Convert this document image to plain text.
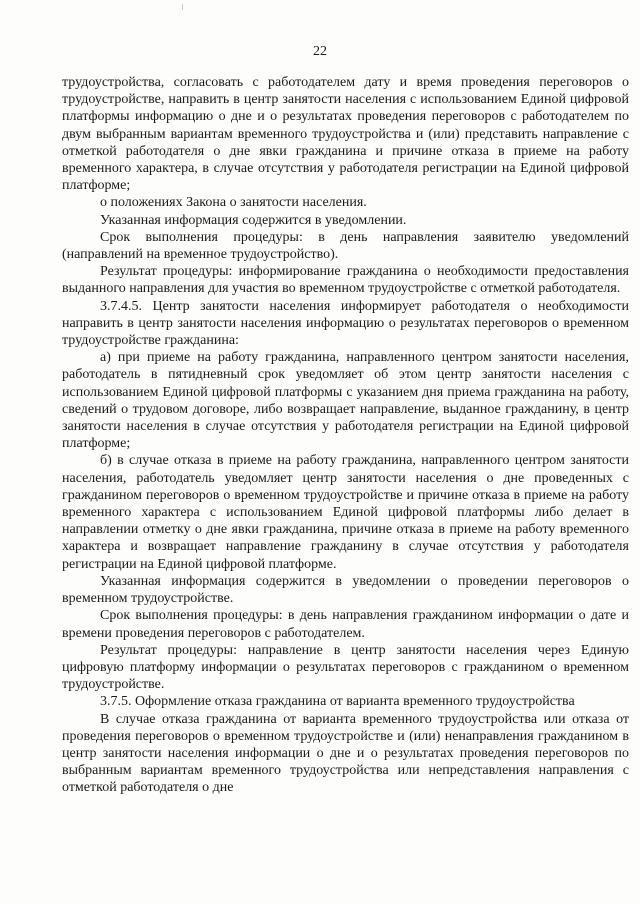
22

трудоустройства, согласовать с работодателем дату и время проведения переговоров о трудоустройстве, направить в центр занятости населения с использованием Единой цифровой платформы информацию о дне и о результатах проведения переговоров с работодателем по двум выбранным вариантам временного трудоустройства и (или) представить направление с отметкой работодателя о дне явки гражданина и причине отказа в приеме на работу временного характера, в случае отсутствия у работодателя регистрации на Единой цифровой платформе;

о положениях Закона о занятости населения.

Указанная информация содержится в уведомлении.

Срок выполнения процедуры: в день направления заявителю уведомлений (направлений на временное трудоустройство).

Результат процедуры: информирование гражданина о необходимости предоставления выданного направления для участия во временном трудоустройстве с отметкой работодателя.

3.7.4.5. Центр занятости населения информирует работодателя о необходимости направить в центр занятости населения информацию о результатах переговоров о временном трудоустройстве гражданина:

а) при приеме на работу гражданина, направленного центром занятости населения, работодатель в пятидневный срок уведомляет об этом центр занятости населения с использованием Единой цифровой платформы с указанием дня приема гражданина на работу, сведений о трудовом договоре, либо возвращает направление, выданное гражданину, в центр занятости населения в случае отсутствия у работодателя регистрации на Единой цифровой платформе;

б) в случае отказа в приеме на работу гражданина, направленного центром занятости населения, работодатель уведомляет центр занятости населения о дне проведенных с гражданином переговоров о временном трудоустройстве и причине отказа в приеме на работу временного характера с использованием Единой цифровой платформы либо делает в направлении отметку о дне явки гражданина, причине отказа в приеме на работу временного характера и возвращает направление гражданину в случае отсутствия у работодателя регистрации на Единой цифровой платформе.

Указанная информация содержится в уведомлении о проведении переговоров о временном трудоустройстве.

Срок выполнения процедуры: в день направления гражданином информации о дате и времени проведения переговоров с работодателем.

Результат процедуры: направление в центр занятости населения через Единую цифровую платформу информации о результатах переговоров с гражданином о временном трудоустройстве.

3.7.5. Оформление отказа гражданина от варианта временного трудоустройства

В случае отказа гражданина от варианта временного трудоустройства или отказа от проведения переговоров о временном трудоустройстве и (или) ненаправления гражданином в центр занятости населения информации о дне и о результатах проведения переговоров по выбранным вариантам временного трудоустройства или непредставления направления с отметкой работодателя о дне
